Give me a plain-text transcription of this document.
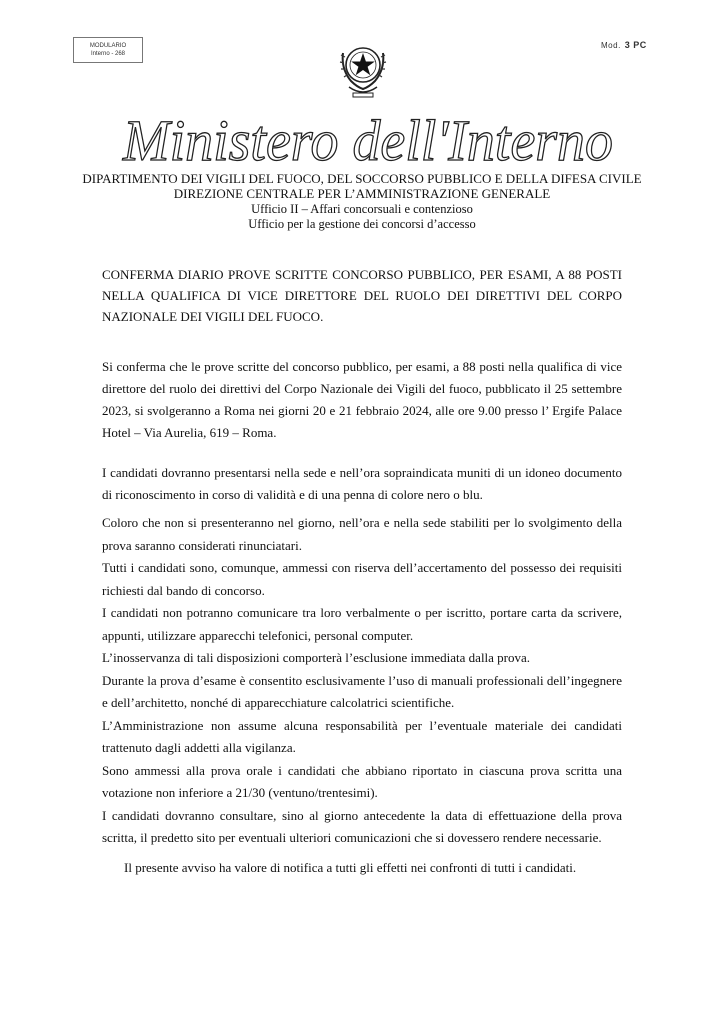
MODULARIO
Interno - 268
Mod. 3 PC
Ministero dell'Interno
DIPARTIMENTO DEI VIGILI DEL FUOCO, DEL SOCCORSO PUBBLICO E DELLA DIFESA CIVILE
DIREZIONE CENTRALE PER L’AMMINISTRAZIONE GENERALE
Ufficio II – Affari concorsuali e contenzioso
Ufficio per la gestione dei concorsi d’accesso
CONFERMA DIARIO PROVE SCRITTE CONCORSO PUBBLICO, PER ESAMI, A 88 POSTI NELLA QUALIFICA DI VICE DIRETTORE DEL RUOLO DEI DIRETTIVI DEL CORPO NAZIONALE DEI VIGILI DEL FUOCO.
Si conferma che le prove scritte del concorso pubblico, per esami, a 88 posti nella qualifica di vice direttore del ruolo dei direttivi del Corpo Nazionale dei Vigili del fuoco, pubblicato il 25 settembre 2023, si svolgeranno a Roma nei giorni 20 e 21 febbraio 2024, alle ore 9.00 presso l’ Ergife Palace Hotel – Via Aurelia, 619 – Roma.
I candidati dovranno presentarsi nella sede e nell’ora sopraindicata muniti di un idoneo documento di riconoscimento in corso di validità e di una penna di colore nero o blu.

Coloro che non si presenteranno nel giorno, nell’ora e nella sede stabiliti per lo svolgimento della prova saranno considerati rinunciatari.

Tutti i candidati sono, comunque, ammessi con riserva dell’accertamento del possesso dei requisiti richiesti dal bando di concorso.

I candidati non potranno comunicare tra loro verbalmente o per iscritto, portare carta da scrivere, appunti, utilizzare apparecchi telefonici, personal computer.

L’inosservanza di tali disposizioni comporterà l’esclusione immediata dalla prova.

Durante la prova d’esame è consentito esclusivamente l’uso di manuali professionali dell’ingegnere e dell’architetto, nonché di apparecchiature calcolatrici scientifiche.

L’Amministrazione non assume alcuna responsabilità per l’eventuale materiale dei candidati trattenuto dagli addetti alla vigilanza.

Sono ammessi alla prova orale i candidati che abbiano riportato in ciascuna prova scritta una votazione non inferiore a 21/30 (ventuno/trentesimi).

I candidati dovranno consultare, sino al giorno antecedente la data di effettuazione della prova scritta, il predetto sito per eventuali ulteriori comunicazioni che si dovessero rendere necessarie.

Il presente avviso ha valore di notifica a tutti gli effetti nei confronti di tutti i candidati.
